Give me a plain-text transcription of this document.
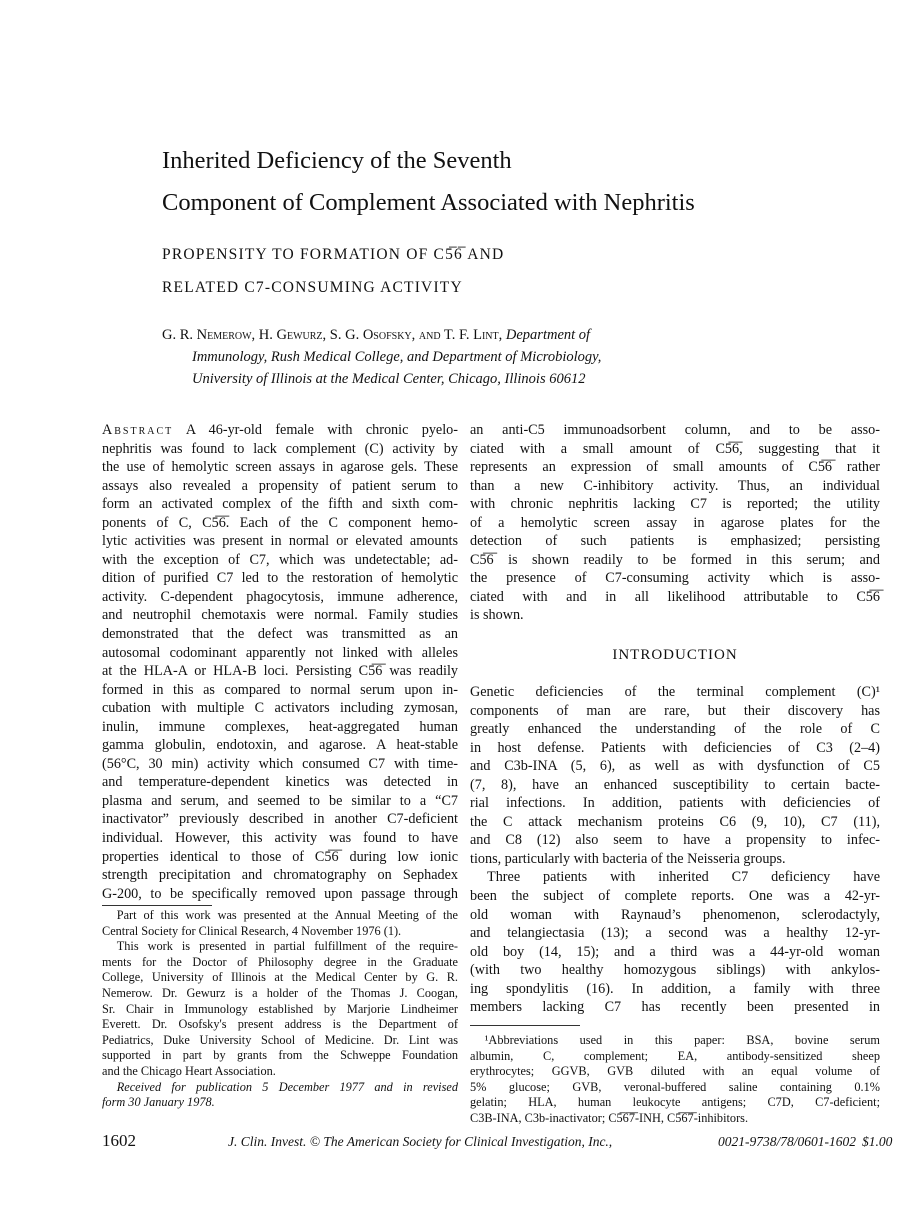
Inherited Deficiency of the Seventh
Component of Complement Associated with Nephritis
PROPENSITY TO FORMATION OF C5̅6̅ AND
RELATED C7-CONSUMING ACTIVITY
G. R. Nemerow, H. Gewurz, S. G. Osofsky, and T. F. Lint, Department of
Immunology, Rush Medical College, and Department of Microbiology,
University of Illinois at the Medical Center, Chicago, Illinois 60612
Abstract A 46-yr-old female with chronic pyelo-
nephritis was found to lack complement (C) activity by
the use of hemolytic screen assays in agarose gels. These
assays also revealed a propensity of patient serum to
form an activated complex of the fifth and sixth com-
ponents of C, C5̅6̅. Each of the C component hemo-
lytic activities was present in normal or elevated amounts
with the exception of C7, which was undetectable; ad-
dition of purified C7 led to the restoration of hemolytic
activity. C-dependent phagocytosis, immune adherence,
and neutrophil chemotaxis were normal. Family studies
demonstrated that the defect was transmitted as an
autosomal codominant apparently not linked with alleles
at the HLA-A or HLA-B loci. Persisting C5̅6̅ was readily
formed in this as compared to normal serum upon in-
cubation with multiple C activators including zymosan,
inulin, immune complexes, heat-aggregated human
gamma globulin, endotoxin, and agarose. A heat-stable
(56°C, 30 min) activity which consumed C7 with time-
and temperature-dependent kinetics was detected in
plasma and serum, and seemed to be similar to a “C7
inactivator” previously described in another C7-deficient
individual. However, this activity was found to have
properties identical to those of C5̅6̅ during low ionic
strength precipitation and chromatography on Sephadex
G-200, to be specifically removed upon passage through
Part of this work was presented at the Annual Meeting of the
Central Society for Clinical Research, 4 November 1976 (1).
This work is presented in partial fulfillment of the require-
ments for the Doctor of Philosophy degree in the Graduate
College, University of Illinois at the Medical Center by G. R.
Nemerow. Dr. Gewurz is a holder of the Thomas J. Coogan,
Sr. Chair in Immunology established by Marjorie Lindheimer
Everett. Dr. Osofsky's present address is the Department of
Pediatrics, Duke University School of Medicine. Dr. Lint was
supported in part by grants from the Schweppe Foundation
and the Chicago Heart Association.
Received for publication 5 December 1977 and in revised
form 30 January 1978.
an anti-C5 immunoadsorbent column, and to be asso-
ciated with a small amount of C5̅6̅, suggesting that it
represents an expression of small amounts of C5̅6̅ rather
than a new C-inhibitory activity. Thus, an individual
with chronic nephritis lacking C7 is reported; the utility
of a hemolytic screen assay in agarose plates for the
detection of such patients is emphasized; persisting
C5̅6̅ is shown readily to be formed in this serum; and
the presence of C7-consuming activity which is asso-
ciated with and in all likelihood attributable to C5̅6̅
is shown.
INTRODUCTION
Genetic deficiencies of the terminal complement (C)¹
components of man are rare, but their discovery has
greatly enhanced the understanding of the role of C
in host defense. Patients with deficiencies of C3 (2–4)
and C3b-INA (5, 6), as well as with dysfunction of C5
(7, 8), have an enhanced susceptibility to certain bacte-
rial infections. In addition, patients with deficiencies of
the C attack mechanism proteins C6 (9, 10), C7 (11),
and C8 (12) also seem to have a propensity to infec-
tions, particularly with bacteria of the Neisseria groups.
Three patients with inherited C7 deficiency have
been the subject of complete reports. One was a 42-yr-
old woman with Raynaud’s phenomenon, sclerodactyly,
and telangiectasia (13); a second was a healthy 12-yr-
old boy (14, 15); and a third was a 44-yr-old woman
(with two healthy homozygous siblings) with ankylos-
ing spondylitis (16). In addition, a family with three
members lacking C7 has recently been presented in
¹Abbreviations used in this paper: BSA, bovine serum
albumin, C, complement; EA, antibody-sensitized sheep
erythrocytes; GGVB, GVB diluted with an equal volume of
5% glucose; GVB, veronal-buffered saline containing 0.1%
gelatin; HLA, human leukocyte antigens; C7D, C7-deficient;
C3B-INA, C3b-inactivator; C5̅6̅7̅-INH, C5̅6̅7̅-inhibitors.
1602	J. Clin. Invest. © The American Society for Clinical Investigation, Inc.,	0021-9738/78/0601-1602 $1.00
